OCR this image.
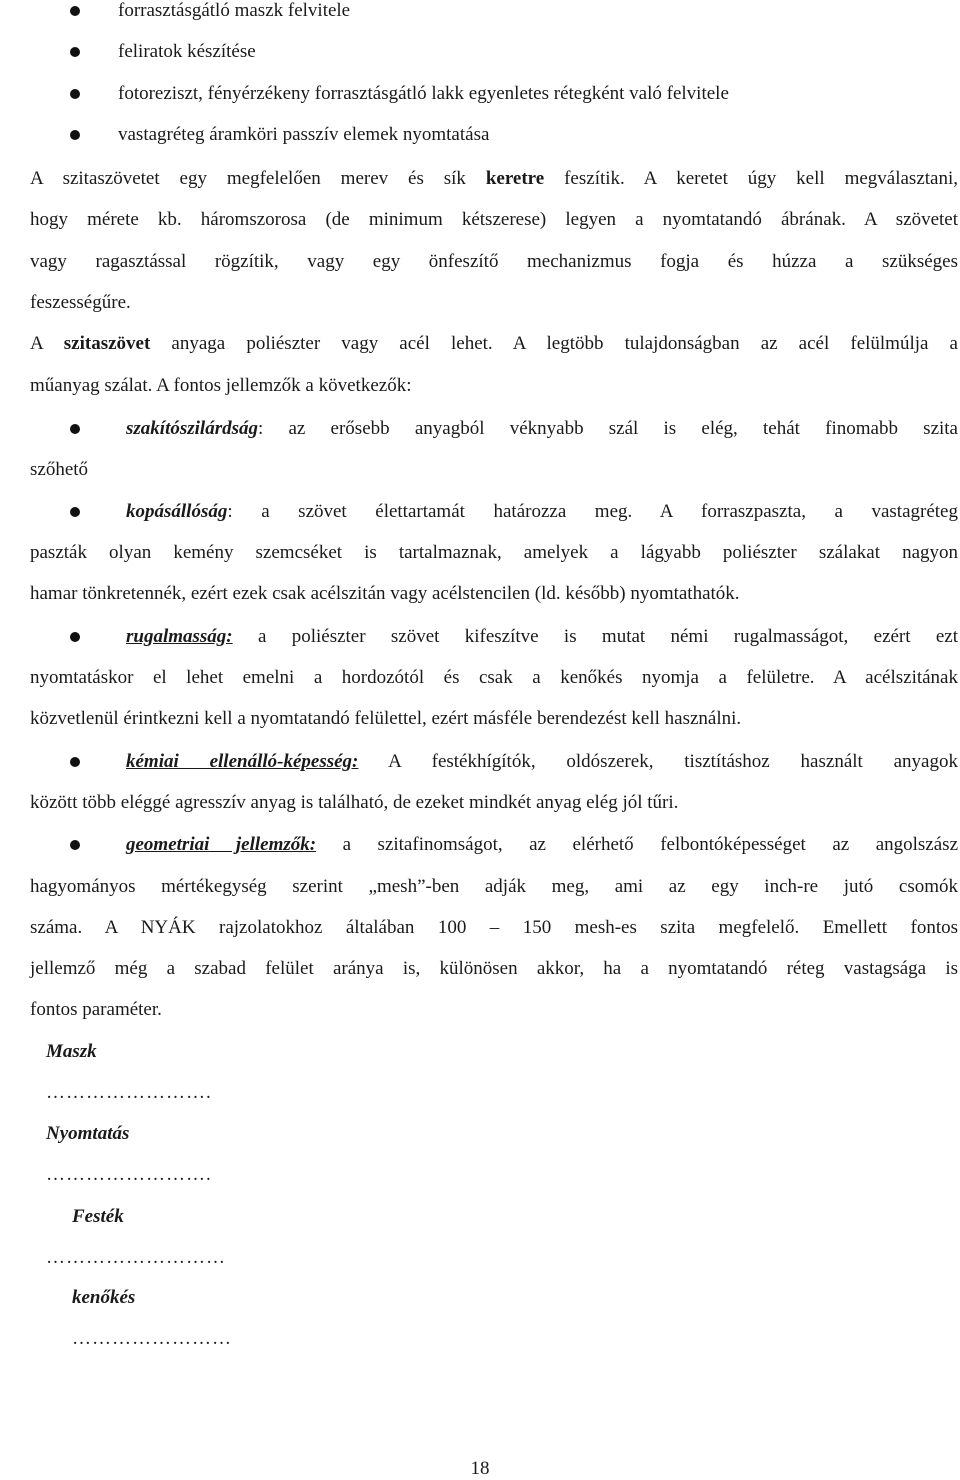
forrasztásgátló maszk felvitele
feliratok készítése
fotoreziszt, fényérzékeny forrasztásgátló lakk egyenletes rétegként való felvitele
vastagréteg áramköri passzív elemek nyomtatása
A szitaszövetet egy megfelelően merev és sík keretre feszítik. A keretet úgy kell megválasztani,
hogy mérete kb. háromszorosa (de minimum kétszerese) legyen a nyomtatandó ábrának. A szövetet
vagy ragasztással rögzítik, vagy egy önfeszítő mechanizmus fogja és húzza a szükséges
feszességűre.
A szitaszövet anyaga poliészter vagy acél lehet. A legtöbb tulajdonságban az acél felülmúlja a
műanyag szálat. A fontos jellemzők a következők:
szakítószilárdság: az erősebb anyagból véknyabb szál is elég, tehát finomabb szita
szőhető
kopásállóság: a szövet élettartamát határozza meg. A forraszpaszta, a vastagréteg
paszták olyan kemény szemcséket is tartalmaznak, amelyek a lágyabb poliészter szálakat nagyon
hamar tönkretennék, ezért ezek csak acélszitán vagy acélstencilen (ld. később) nyomtathatók.
rugalmasság: a poliészter szövet kifeszítve is mutat némi rugalmasságot, ezért ezt
nyomtatáskor el lehet emelni a hordozótól és csak a kenőkés nyomja a felületre. A acélszitának
közvetlenül érintkezni kell a nyomtatandó felülettel, ezért másféle berendezést kell használni.
kémiai ellenálló-képesség: A festékhígítók, oldószerek, tisztításhoz használt anyagok
között több eléggé agresszív anyag is található, de ezeket mindkét anyag elég jól tűri.
geometriai jellemzők: a szitafinomságot, az elérhető felbontóképességet az angolszász
hagyományos mértékegység szerint „mesh”-ben adják meg, ami az egy inch-re jutó csomók
száma. A NYÁK rajzolatokhoz általában 100 – 150 mesh-es szita megfelelő. Emellett fontos
jellemző még a szabad felület aránya is, különösen akkor, ha a nyomtatandó réteg vastagsága is
fontos paraméter.
Maszk
…………………….
Nyomtatás
…………………….
Festék
………………………
kenőkés
……………………
18
